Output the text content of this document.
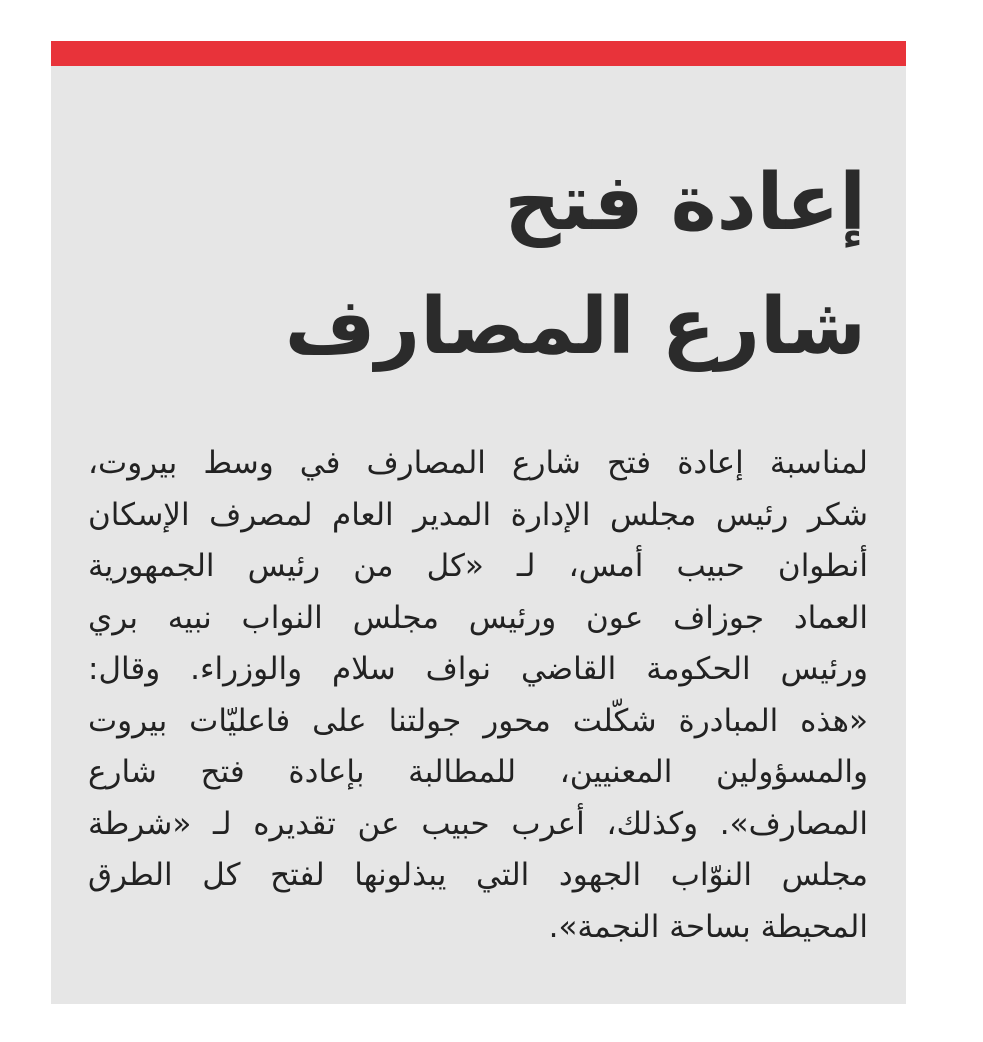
إعادة فتح
شارع المصارف

لمناسبة إعادة فتح شارع المصارف في وسط بيروت،
شكر رئيس مجلس الإدارة المدير العام لمصرف الإسكان
أنطوان حبيب أمس، لـ «كل من رئيس الجمهورية
العماد جوزاف عون ورئيس مجلس النواب نبيه بري
ورئيس الحكومة القاضي نواف سلام والوزراء. وقال:
«هذه المبادرة شكّلت محور جولتنا على فاعليّات بيروت
والمسؤولين المعنيين، للمطالبة بإعادة فتح شارع
المصارف». وكذلك، أعرب حبيب عن تقديره لـ «شرطة
مجلس النوّاب الجهود التي يبذلونها لفتح كل الطرق
المحيطة بساحة النجمة».
